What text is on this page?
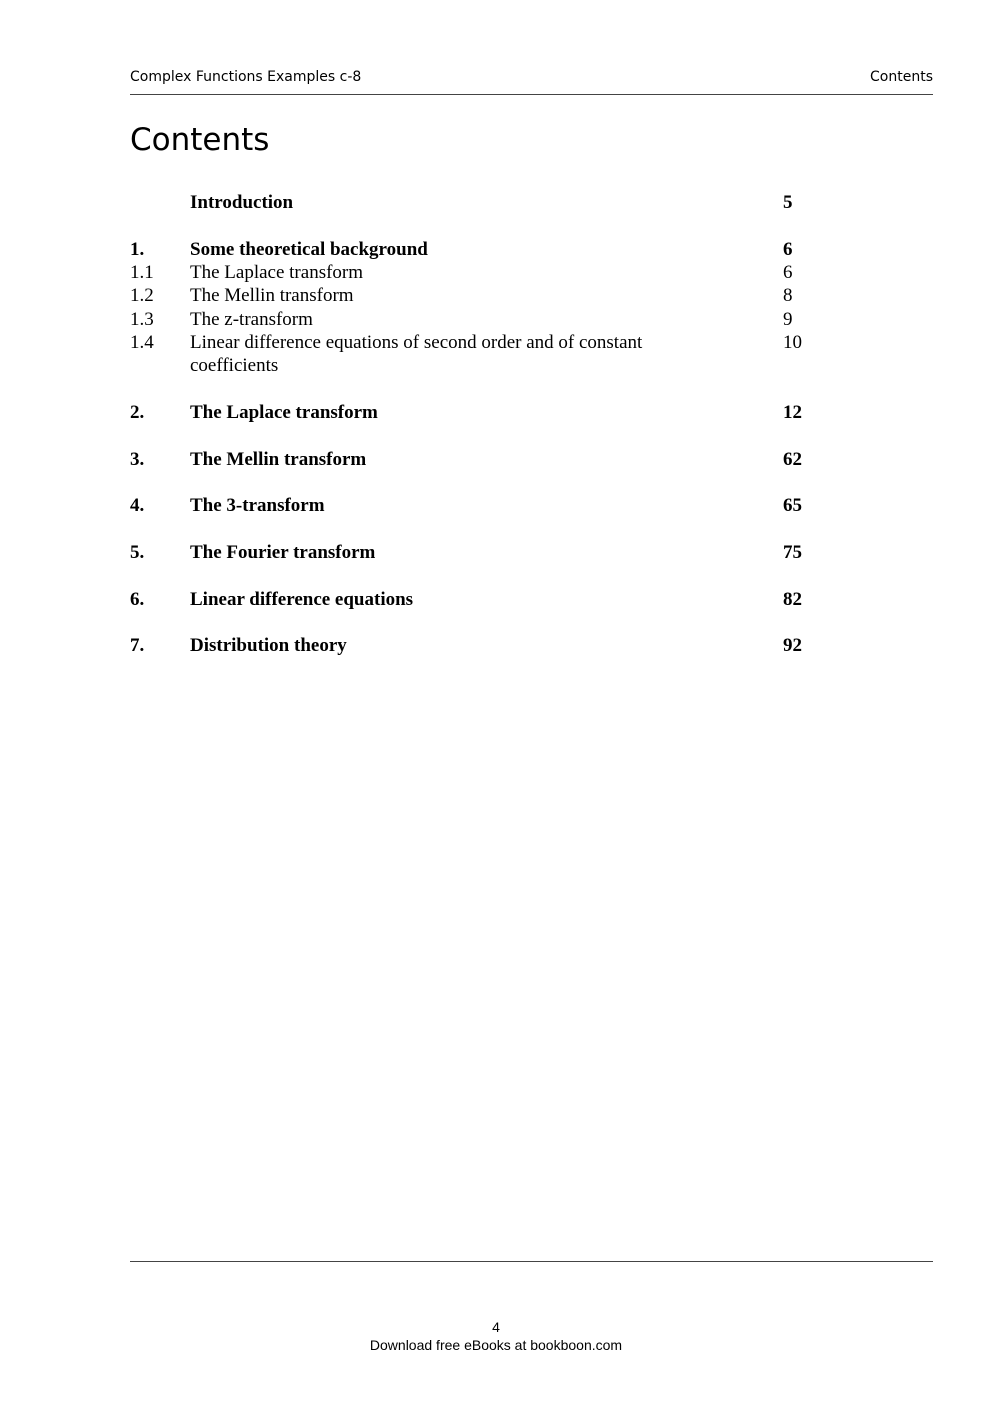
Complex Functions Examples c-8	Contents
Contents
Introduction	5
1. Some theoretical background	6
1.1 The Laplace transform	6
1.2 The Mellin transform	8
1.3 The z-transform	9
1.4 Linear difference equations of second order and of constant	10
coefficients
2. The Laplace transform	12
3. The Mellin transform	62
4. The 3-transform	65
5. The Fourier transform	75
6. Linear difference equations	82
7. Distribution theory	92
4
Download free eBooks at bookboon.com
